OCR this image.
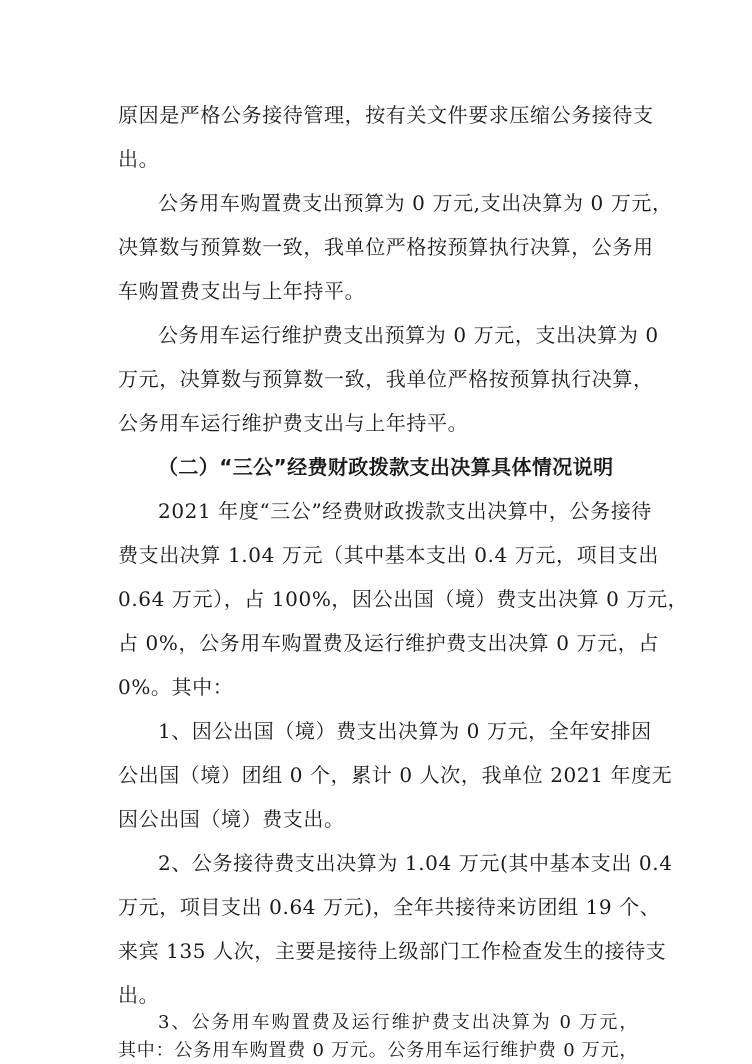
原因是严格公务接待管理，按有关文件要求压缩公务接待支
出。
公务用车购置费支出预算为 0 万元,支出决算为 0 万元，
决算数与预算数一致，我单位严格按预算执行决算，公务用
车购置费支出与上年持平。
公务用车运行维护费支出预算为 0 万元，支出决算为 0
万元，决算数与预算数一致，我单位严格按预算执行决算，
公务用车运行维护费支出与上年持平。
（二）“三公”经费财政拨款支出决算具体情况说明
2021 年度“三公”经费财政拨款支出决算中，公务接待
费支出决算 1.04 万元（其中基本支出 0.4 万元，项目支出
0.64 万元），占 100%，因公出国（境）费支出决算 0 万元，
占 0%，公务用车购置费及运行维护费支出决算 0 万元，占
0%。其中：
1、因公出国（境）费支出决算为 0 万元，全年安排因
公出国（境）团组 0 个，累计 0 人次，我单位 2021 年度无
因公出国（境）费支出。
2、公务接待费支出决算为 1.04 万元(其中基本支出 0.4
万元，项目支出 0.64 万元)，全年共接待来访团组 19 个、
来宾 135 人次，主要是接待上级部门工作检查发生的接待支
出。
3、公务用车购置费及运行维护费支出决算为 0 万元，
其中：公务用车购置费 0 万元。公务用车运行维护费 0 万元，
